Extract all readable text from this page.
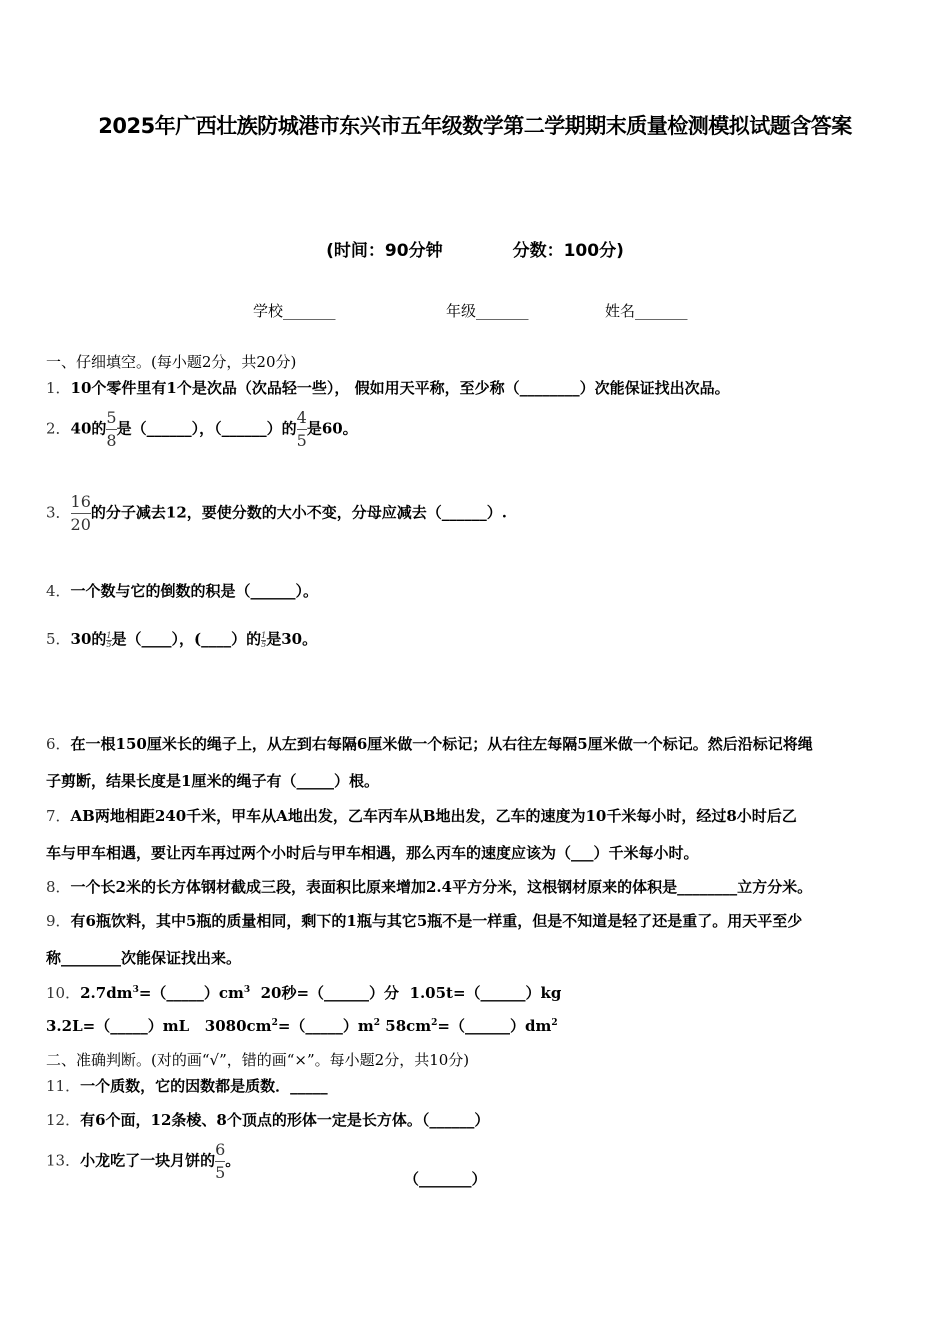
2025年广西壮族防城港市东兴市五年级数学第二学期期末质量检测模拟试题含答案
(时间：90分钟	分数：100分)
学校_______	年级_______	姓名_______
一、仔细填空。(每小题2分，共20分)
1．10个零件里有1个是次品（次品轻一些）， 假如用天平称，至少称（________）次能保证找出次品。
2．40的 $\frac{5}{8}$ 是（______），（______）的 $\frac{4}{5}$ 是60。
3． $\frac{16}{20}$ 的分子减去12，要使分数的大小不变，分母应减去（______）.
4．一个数与它的倒数的积是（______）。
5．30的 $\frac{1}{5}$ 是（____），(____）的 $\frac{1}{5}$ 是30。
6．在一根150厘米长的绳子上，从左到右每隔6厘米做一个标记；从右往左每隔5厘米做一个标记。然后沿标记将绳
子剪断，结果长度是1厘米的绳子有（_____）根。
7．AB两地相距240千米，甲车从A地出发，乙车丙车从B地出发，乙车的速度为10千米每小时，经过8小时后乙
车与甲车相遇，要让丙车再过两个小时后与甲车相遇，那么丙车的速度应该为（___）千米每小时。
8．一个长2米的长方体钢材截成三段，表面积比原来增加2.4平方分米，这根钢材原来的体积是________立方分米。
9．有6瓶饮料，其中5瓶的质量相同，剩下的1瓶与其它5瓶不是一样重，但是不知道是轻了还是重了。用天平至少
称________次能保证找出来。
10．$2.7dm^3=(\_\_\_\_\_)cm^3$  20秒=（______）分  1.05t=（______）kg
3.2L=（_____）mL   $3080cm^2=(\_\_\_\_\_)m^2$ $58cm^2=(\_\_\_\_\_\_)dm^2$
二、准确判断。(对的画“√”，错的画“×”。每小题2分，共10分)
11．一个质数，它的因数都是质数．_____
12．有6个面，12条棱、8个顶点的形体一定是长方体。（______）
13．小龙吃了一块月饼的 $\frac{6}{5}$ 。
（_______）
